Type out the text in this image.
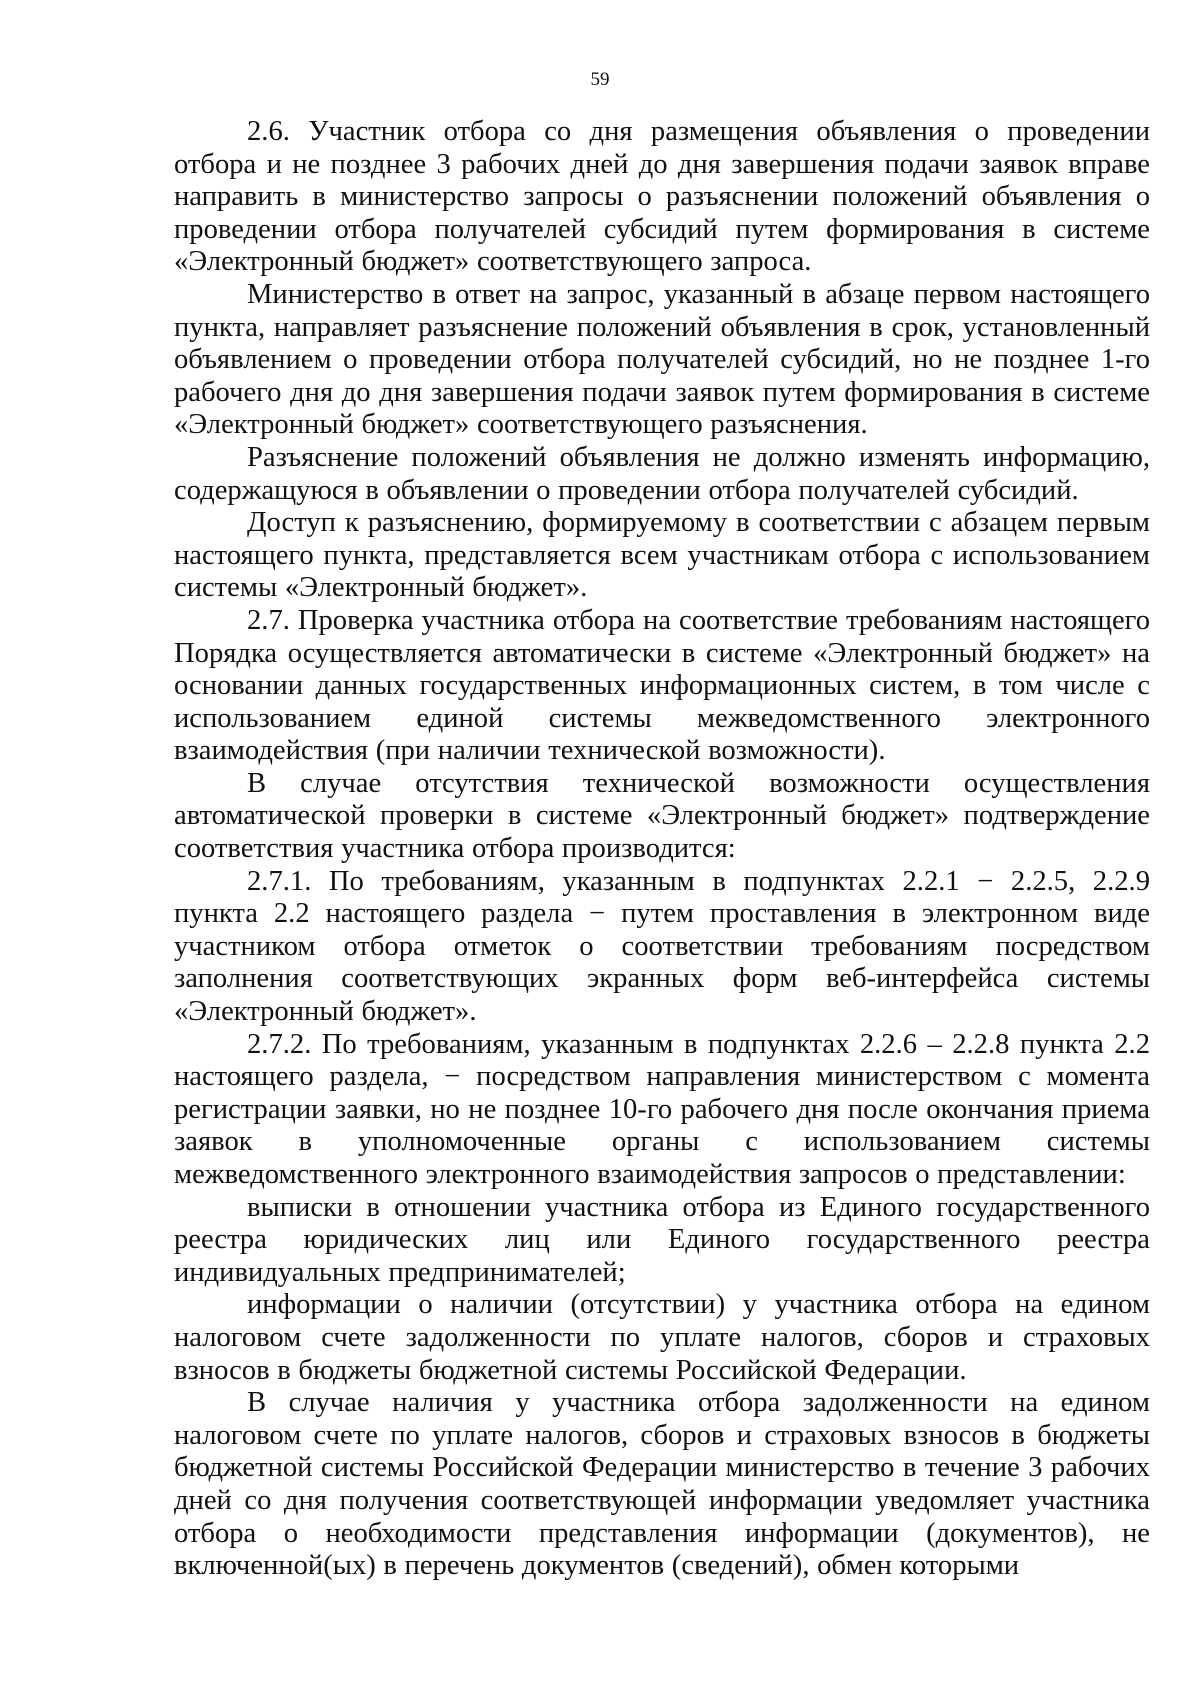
59

2.6. Участник отбора со дня размещения объявления о проведении отбора и не позднее 3 рабочих дней до дня завершения подачи заявок вправе направить в министерство запросы о разъяснении положений объявления о проведении отбора получателей субсидий путем формирования в системе «Электронный бюджет» соответствующего запроса.

Министерство в ответ на запрос, указанный в абзаце первом настоящего пункта, направляет разъяснение положений объявления в срок, установленный объявлением о проведении отбора получателей субсидий, но не позднее 1-го рабочего дня до дня завершения подачи заявок путем формирования в системе «Электронный бюджет» соответствующего разъяснения.

Разъяснение положений объявления не должно изменять информацию, содержащуюся в объявлении о проведении отбора получателей субсидий.

Доступ к разъяснению, формируемому в соответствии с абзацем первым настоящего пункта, представляется всем участникам отбора с использованием системы «Электронный бюджет».

2.7. Проверка участника отбора на соответствие требованиям настоящего Порядка осуществляется автоматически в системе «Электронный бюджет» на основании данных государственных информационных систем, в том числе с использованием единой системы межведомственного электронного взаимодействия (при наличии технической возможности).

В случае отсутствия технической возможности осуществления автоматической проверки в системе «Электронный бюджет» подтверждение соответствия участника отбора производится:

2.7.1. По требованиям, указанным в подпунктах 2.2.1 − 2.2.5, 2.2.9 пункта 2.2 настоящего раздела − путем проставления в электронном виде участником отбора отметок о соответствии требованиям посредством заполнения соответствующих экранных форм веб-интерфейса системы «Электронный бюджет».

2.7.2. По требованиям, указанным в подпунктах 2.2.6 – 2.2.8 пункта 2.2 настоящего раздела, − посредством направления министерством с момента регистрации заявки, но не позднее 10-го рабочего дня после окончания приема заявок в уполномоченные органы с использованием системы межведомственного электронного взаимодействия запросов о представлении:

выписки в отношении участника отбора из Единого государственного реестра юридических лиц или Единого государственного реестра индивидуальных предпринимателей;

информации о наличии (отсутствии) у участника отбора на едином налоговом счете задолженности по уплате налогов, сборов и страховых взносов в бюджеты бюджетной системы Российской Федерации.

В случае наличия у участника отбора задолженности на едином налоговом счете по уплате налогов, сборов и страховых взносов в бюджеты бюджетной системы Российской Федерации министерство в течение 3 рабочих дней со дня получения соответствующей информации уведомляет участника отбора о необходимости представления информации (документов), не включенной(ых) в перечень документов (сведений), обмен которыми
